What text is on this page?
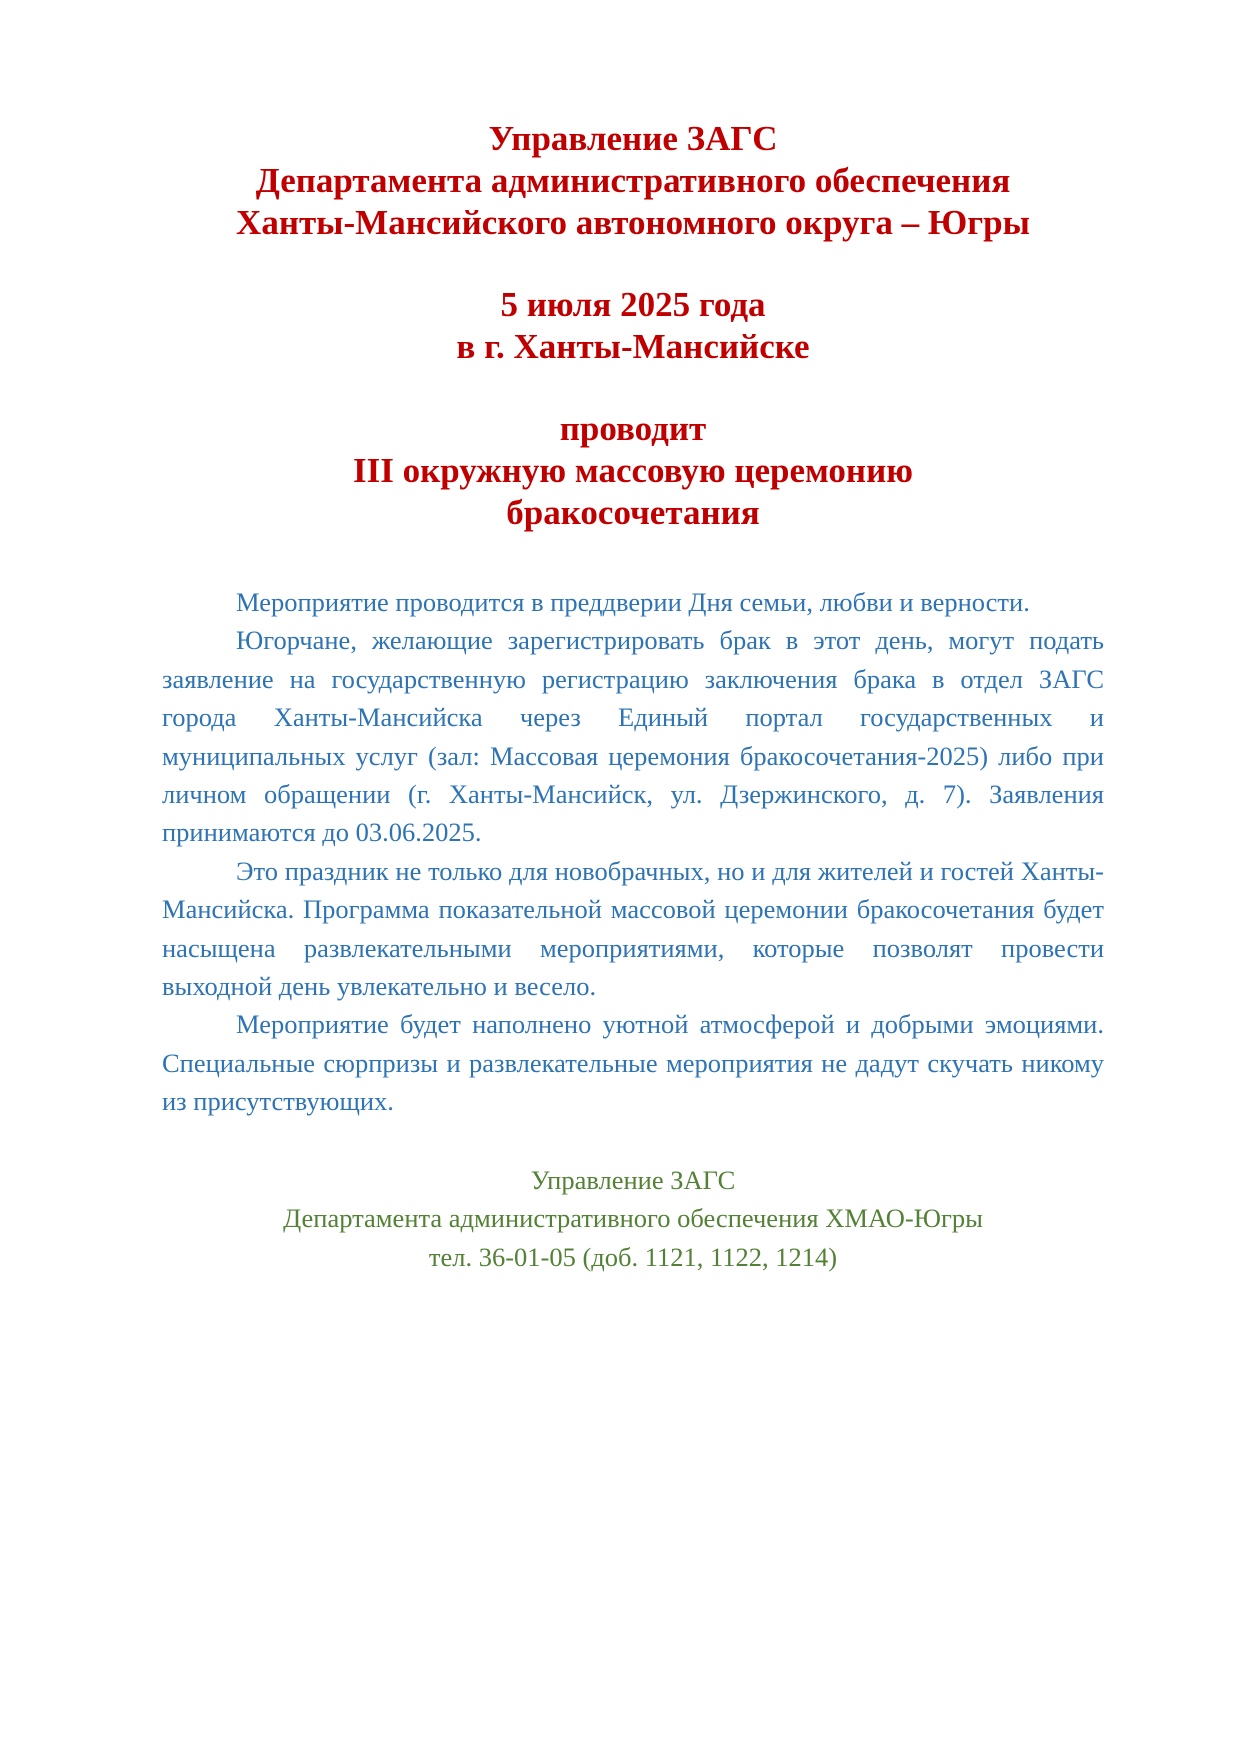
Управление ЗАГС
Департамента административного обеспечения
Ханты-Мансийского автономного округа – Югры
5 июля 2025 года
в г. Ханты-Мансийске
проводит
III окружную массовую церемонию
бракосочетания

Мероприятие проводится в преддверии Дня семьи, любви и верности.

Югорчане, желающие зарегистрировать брак в этот день, могут подать заявление на государственную регистрацию заключения брака в отдел ЗАГС города Ханты-Мансийска через Единый портал государственных и муниципальных услуг (зал: Массовая церемония бракосочетания-2025) либо при личном обращении (г. Ханты-Мансийск, ул. Дзержинского, д. 7). Заявления принимаются до 03.06.2025.

Это праздник не только для новобрачных, но и для жителей и гостей Ханты-Мансийска. Программа показательной массовой церемонии бракосочетания будет насыщена развлекательными мероприятиями, которые позволят провести выходной день увлекательно и весело.

Мероприятие будет наполнено уютной атмосферой и добрыми эмоциями. Специальные сюрпризы и развлекательные мероприятия не дадут скучать никому из присутствующих.

Управление ЗАГС
Департамента административного обеспечения ХМАО-Югры
тел. 36-01-05 (доб. 1121, 1122, 1214)
